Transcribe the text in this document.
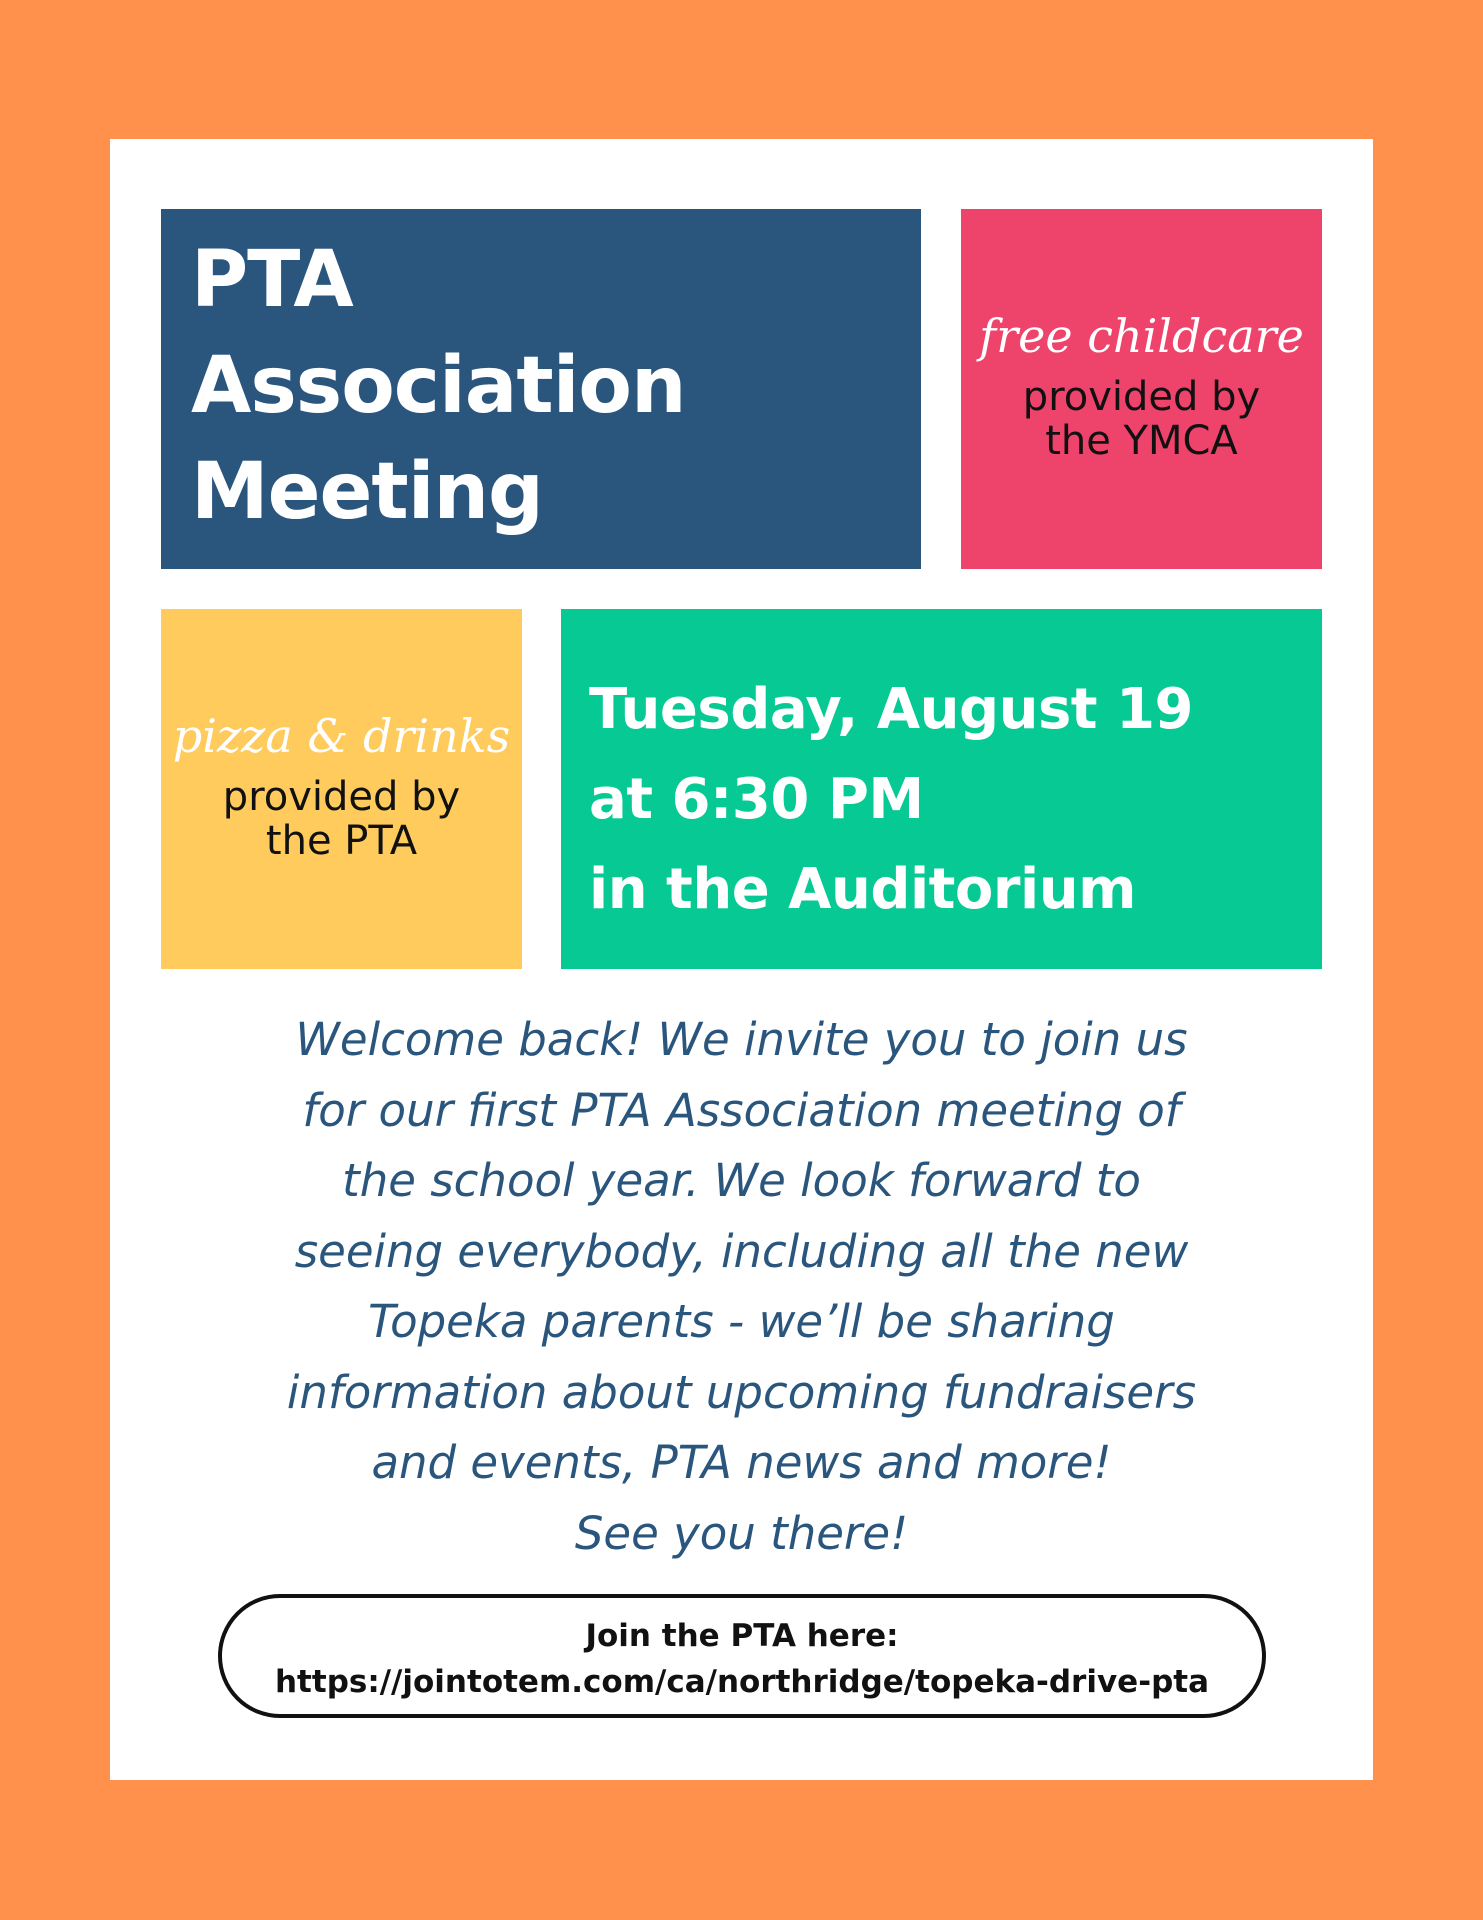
PTA
Association
Meeting
free childcare
provided by
the YMCA
pizza & drinks
provided by
the PTA
Tuesday, August 19
at 6:30 PM
in the Auditorium
Welcome back! We invite you to join us
for our first PTA Association meeting of
the school year. We look forward to
seeing everybody, including all the new
Topeka parents - we’ll be sharing
information about upcoming fundraisers
and events, PTA news and more!
See you there!
Join the PTA here:
https://jointotem.com/ca/northridge/topeka-drive-pta
